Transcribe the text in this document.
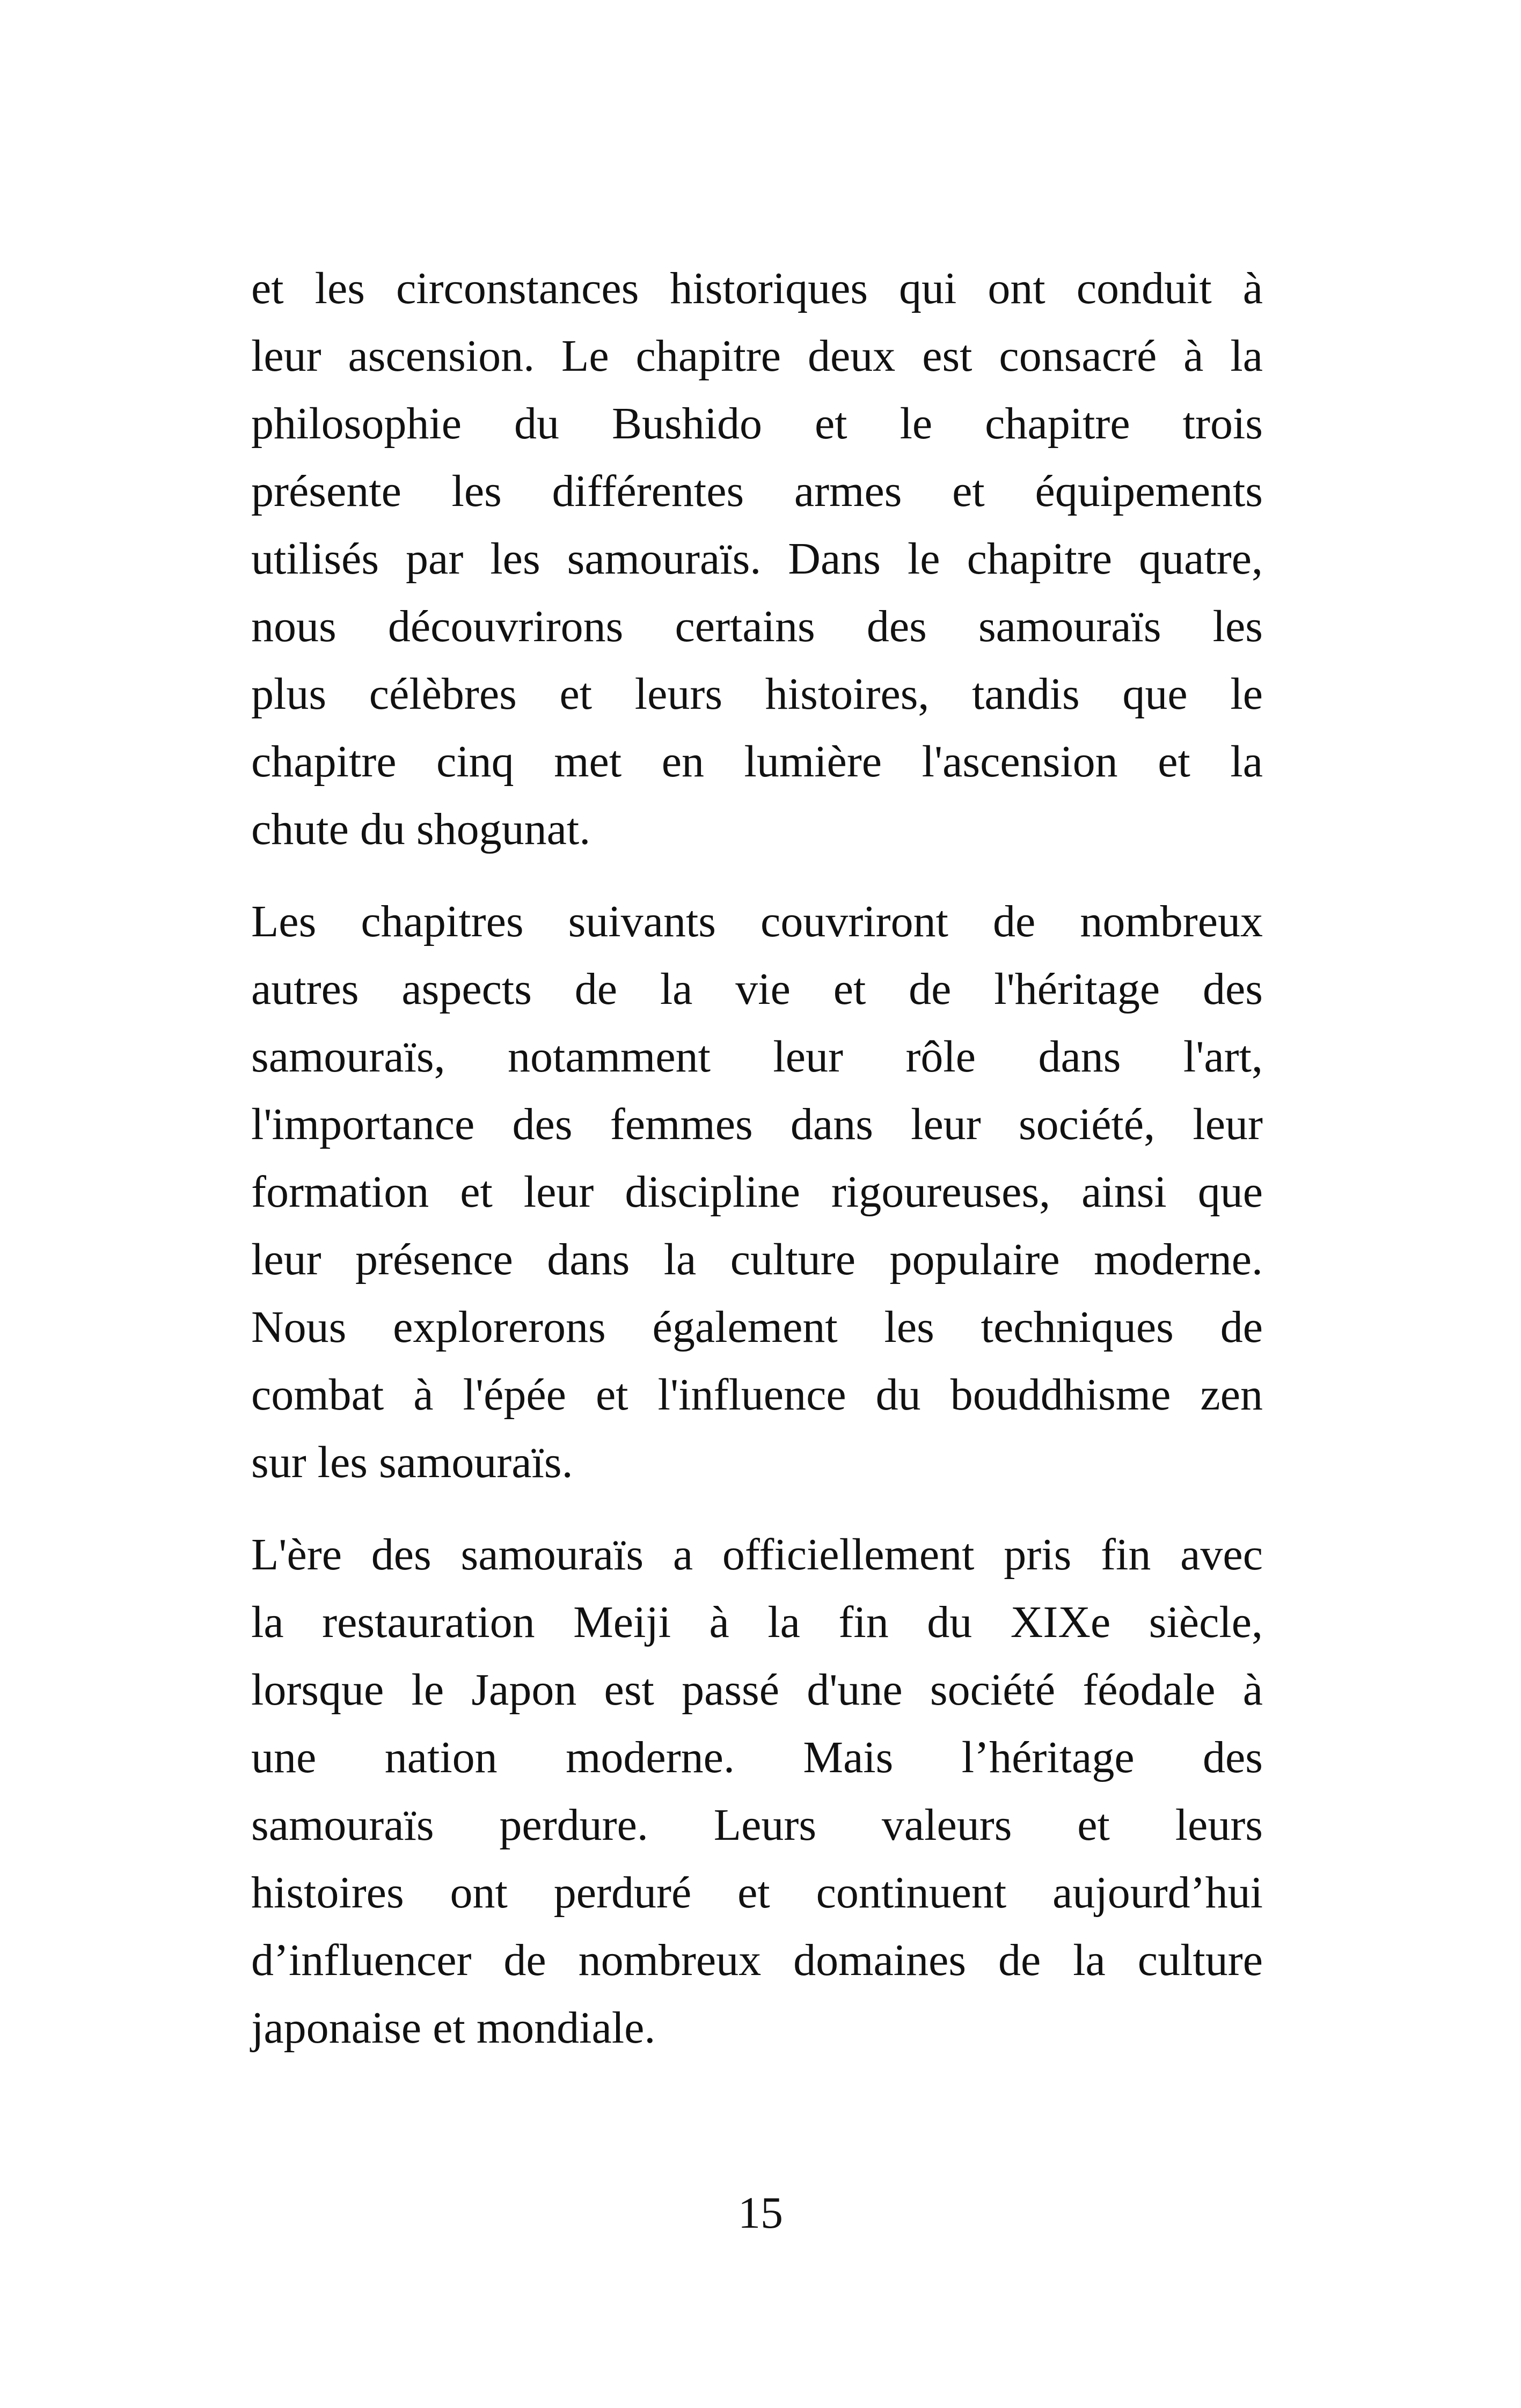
et les circonstances historiques qui ont conduit à
leur ascension. Le chapitre deux est consacré à la
philosophie du Bushido et le chapitre trois
présente les différentes armes et équipements
utilisés par les samouraïs. Dans le chapitre quatre,
nous découvrirons certains des samouraïs les
plus célèbres et leurs histoires, tandis que le
chapitre cinq met en lumière l'ascension et la
chute du shogunat.

Les chapitres suivants couvriront de nombreux
autres aspects de la vie et de l'héritage des
samouraïs, notamment leur rôle dans l'art,
l'importance des femmes dans leur société, leur
formation et leur discipline rigoureuses, ainsi que
leur présence dans la culture populaire moderne.
Nous explorerons également les techniques de
combat à l'épée et l'influence du bouddhisme zen
sur les samouraïs.

L'ère des samouraïs a officiellement pris fin avec
la restauration Meiji à la fin du XIXe siècle,
lorsque le Japon est passé d'une société féodale à
une nation moderne. Mais l’héritage des
samouraïs perdure. Leurs valeurs et leurs
histoires ont perduré et continuent aujourd’hui
d’influencer de nombreux domaines de la culture
japonaise et mondiale.

15
